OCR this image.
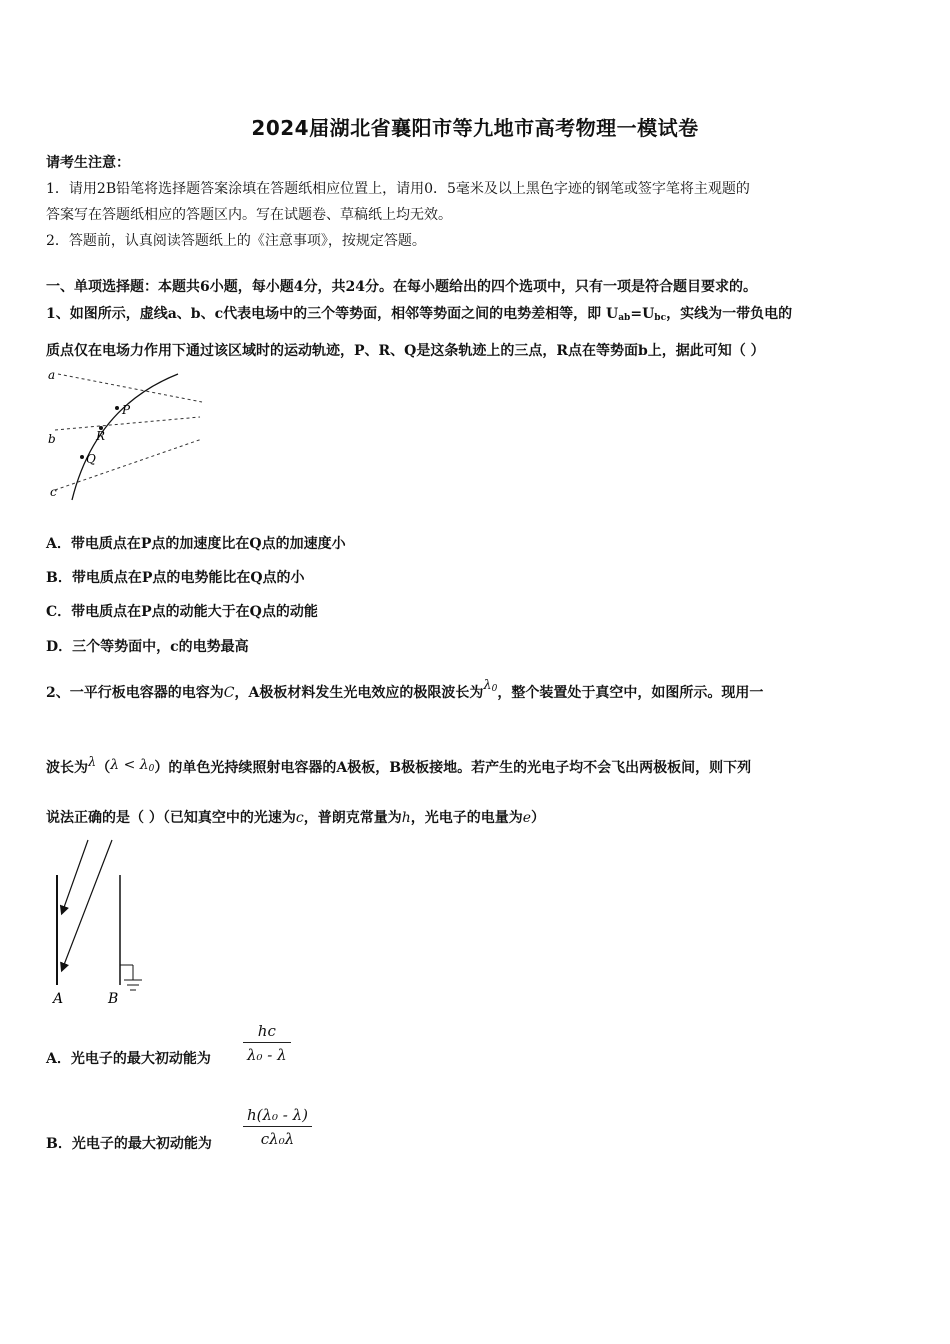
2024届湖北省襄阳市等九地市高考物理一模试卷
请考生注意：
1．请用2B铅笔将选择题答案涂填在答题纸相应位置上，请用0．5毫米及以上黑色字迹的钢笔或签字笔将主观题的
答案写在答题纸相应的答题区内。写在试题卷、草稿纸上均无效。
2．答题前，认真阅读答题纸上的《注意事项》，按规定答题。
一、单项选择题：本题共6小题，每小题4分，共24分。在每小题给出的四个选项中，只有一项是符合题目要求的。
1、如图所示，虚线a、b、c代表电场中的三个等势面，相邻等势面之间的电势差相等，即 $U_{ab}=U_{bc}$，实线为一带负电的
质点仅在电场力作用下通过该区域时的运动轨迹，P、R、Q是这条轨迹上的三点，R点在等势面b上，据此可知（ ）
a
b
c
P
R
Q
A．带电质点在P点的加速度比在Q点的加速度小
B．带电质点在P点的电势能比在Q点的小
C．带电质点在P点的动能大于在Q点的动能
D．三个等势面中，c的电势最高
2、一平行板电容器的电容为C，A极板材料发生光电效应的极限波长为$\lambda_0$，整个装置处于真空中，如图所示。现用一
波长为$\lambda(\lambda < \lambda_0)$的单色光持续照射电容器的A极板，B极板接地。若产生的光电子均不会飞出两极板间，则下列
说法正确的是（ ）（已知真空中的光速为c，普朗克常量为h，光电子的电量为e）
A	B
A．光电子的最大初动能为 $\frac{hc}{\text{λ₀ - λ}}$
B．光电子的最大初动能为 $\frac{\text{h(λ₀ - λ)}}{\text{cλ₀λ}}$
